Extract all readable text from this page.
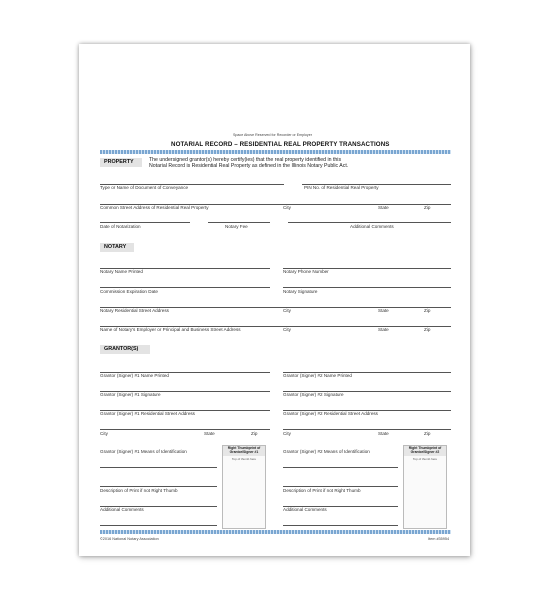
Space Above Reserved for Recorder or Employer
NOTARIAL RECORD – RESIDENTIAL REAL PROPERTY TRANSACTIONS
PROPERTY	The undersigned grantor(s) hereby certify(ies) that the real property identified in this
Notarial Record is Residential Real Property as defined in the Illinois Notary Public Act.
Type or Name of Document of Conveyance	PIN No. of Residential Real Property
Common Street Address of Residential Real Property	City	State	Zip
Date of Notarization	Notary Fee	Additional Comments
NOTARY
Notary Name Printed	Notary Phone Number
Commission Expiration Date	Notary Signature
Notary Residential Street Address	City	State	Zip
Name of Notary's Employer or Principal and Business Street Address	City	State	Zip
GRANTOR(S)
Grantor (Signer) #1 Name Printed	Grantor (Signer) #2 Name Printed
Grantor (Signer) #1 Signature	Grantor (Signer) #2 Signature
Grantor (Signer) #1 Residential Street Address	Grantor (Signer) #2 Residential Street Address
City	State	Zip	City	State	Zip
Grantor (Signer) #1 Means of Identification	Grantor (Signer) #2 Means of Identification
Description of Print if not Right Thumb	Description of Print if not Right Thumb
Additional Comments	Additional Comments
Right Thumbprint of Grantor/Signer #1
Top of thumb here
Right Thumbprint of Grantor/Signer #2
Top of thumb here
©2016 National Notary Association	Item #35954
